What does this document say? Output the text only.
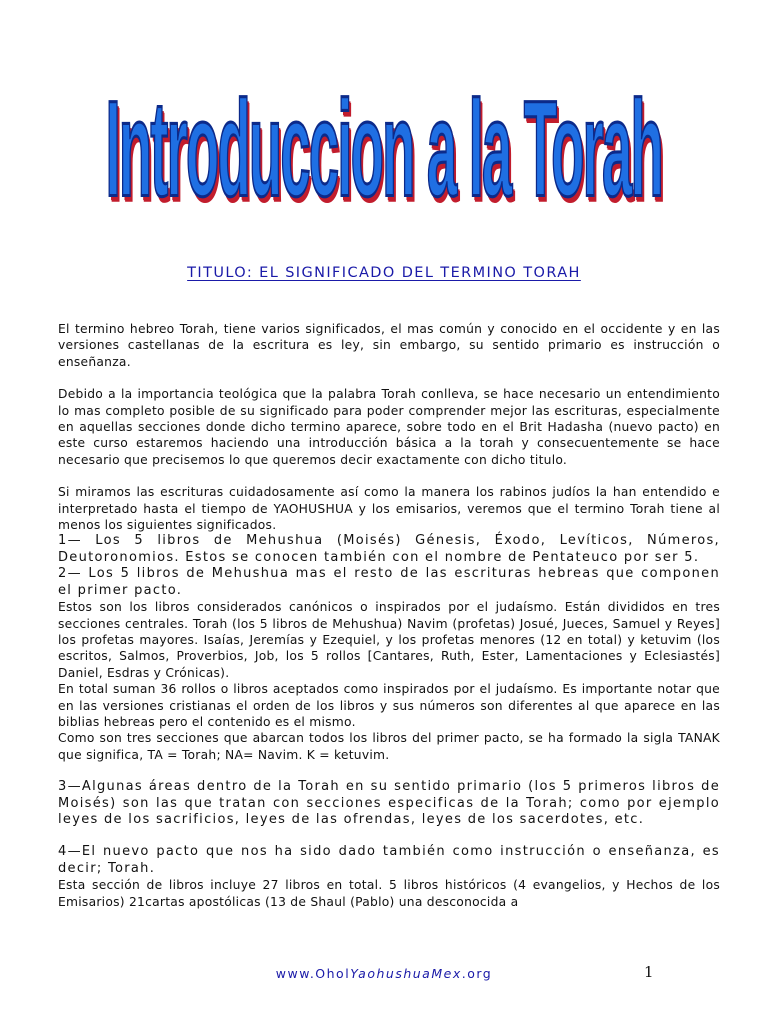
Introduccion a la Torah
TITULO: EL SIGNIFICADO DEL TERMINO TORAH

El termino hebreo Torah, tiene varios significados, el mas común y conocido en el occidente y en las versiones castellanas de la escritura es ley, sin embargo, su sentido primario es instrucción o enseñanza.

Debido a la importancia teológica que la palabra Torah conlleva, se hace necesario un entendimiento lo mas completo posible de su significado para poder comprender mejor las escrituras, especialmente en aquellas secciones donde dicho termino aparece, sobre todo en el Brit Hadasha (nuevo pacto) en este curso estaremos haciendo una introducción básica a la torah y consecuentemente se hace necesario que precisemos lo que queremos decir exactamente con dicho titulo.

Si miramos las escrituras cuidadosamente así como la manera los rabinos judíos la han entendido e interpretado hasta el tiempo de YAOHUSHUA y los emisarios, veremos que el termino Torah tiene al menos los siguientes significados.

1— Los 5 libros de Mehushua (Moisés) Génesis, Éxodo, Levíticos, Números, Deutoronomios. Estos se conocen también con el nombre de Pentateuco por ser 5.

2— Los 5 libros de Mehushua mas el resto de las escrituras hebreas que componen el primer pacto.

Estos son los libros considerados canónicos o inspirados por el judaísmo. Están divididos en tres secciones centrales. Torah (los 5 libros de Mehushua) Navim (profetas) Josué, Jueces, Samuel y Reyes] los profetas mayores. Isaías, Jeremías y Ezequiel, y los profetas menores (12 en total) y ketuvim (los escritos, Salmos, Proverbios, Job, los 5 rollos [Cantares, Ruth, Ester, Lamentaciones y Eclesiastés] Daniel, Esdras y Crónicas).

En total suman 36 rollos o libros aceptados como inspirados por el judaísmo. Es importante notar que en las versiones cristianas el orden de los libros y sus números son diferentes al que aparece en las biblias hebreas pero el contenido es el mismo.

Como son tres secciones que abarcan todos los libros del primer pacto, se ha formado la sigla TANAK que significa, TA = Torah; NA= Navim. K = ketuvim.

3—Algunas áreas dentro de la Torah en su sentido primario (los 5 primeros libros de Moisés) son las que tratan con secciones especificas de la Torah; como por ejemplo leyes de los sacrificios, leyes de las ofrendas, leyes de los sacerdotes, etc.

4—El nuevo pacto que nos ha sido dado también como instrucción o enseñanza, es decir; Torah.

Esta sección de libros incluye 27 libros en total. 5 libros históricos (4 evangelios, y Hechos de los Emisarios) 21cartas apostólicas (13 de Shaul (Pablo) una desconocida a

www.OholYaohushuaMex.org	1
